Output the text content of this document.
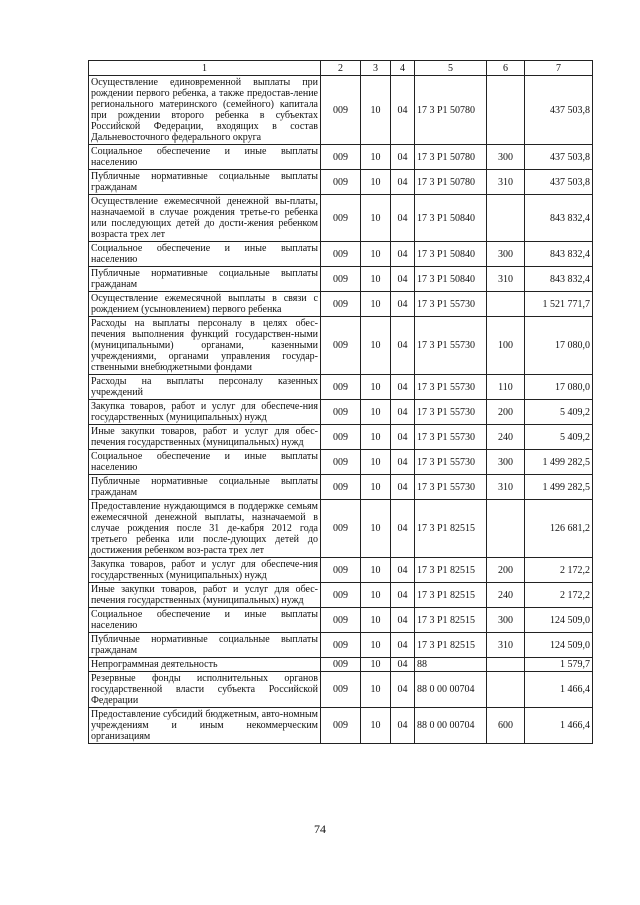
1	2	3	4	5	6	7
Осуществление единовременной выплаты при рождении первого ребенка, а также предостав-ление регионального материнского (семейного) капитала при рождении второго ребенка в субъектах Российской Федерации, входящих в состав Дальневосточного федерального округа	009	10	04	17 3 P1 50780		437 503,8
Социальное обеспечение и иные выплаты населению	009	10	04	17 3 P1 50780	300	437 503,8
Публичные нормативные социальные выплаты гражданам	009	10	04	17 3 P1 50780	310	437 503,8
Осуществление ежемесячной денежной вы-платы, назначаемой в случае рождения третье-го ребенка или последующих детей до дости-жения ребенком возраста трех лет	009	10	04	17 3 P1 50840		843 832,4
Социальное обеспечение и иные выплаты населению	009	10	04	17 3 P1 50840	300	843 832,4
Публичные нормативные социальные выплаты гражданам	009	10	04	17 3 P1 50840	310	843 832,4
Осуществление ежемесячной выплаты в связи с рождением (усыновлением) первого ребенка	009	10	04	17 3 P1 55730		1 521 771,7
Расходы на выплаты персоналу в целях обес-печения выполнения функций государствен-ными (муниципальными) органами, казенными учреждениями, органами управления государ-ственными внебюджетными фондами	009	10	04	17 3 P1 55730	100	17 080,0
Расходы на выплаты персоналу казенных учреждений	009	10	04	17 3 P1 55730	110	17 080,0
Закупка товаров, работ и услуг для обеспече-ния государственных (муниципальных) нужд	009	10	04	17 3 P1 55730	200	5 409,2
Иные закупки товаров, работ и услуг для обес-печения государственных (муниципальных) нужд	009	10	04	17 3 P1 55730	240	5 409,2
Социальное обеспечение и иные выплаты населению	009	10	04	17 3 P1 55730	300	1 499 282,5
Публичные нормативные социальные выплаты гражданам	009	10	04	17 3 P1 55730	310	1 499 282,5
Предоставление нуждающимся в поддержке семьям ежемесячной денежной выплаты, назначаемой в случае рождения после 31 де-кабря 2012 года третьего ребенка или после-дующих детей до достижения ребенком воз-раста трех лет	009	10	04	17 3 P1 82515		126 681,2
Закупка товаров, работ и услуг для обеспече-ния государственных (муниципальных) нужд	009	10	04	17 3 P1 82515	200	2 172,2
Иные закупки товаров, работ и услуг для обес-печения государственных (муниципальных) нужд	009	10	04	17 3 P1 82515	240	2 172,2
Социальное обеспечение и иные выплаты населению	009	10	04	17 3 P1 82515	300	124 509,0
Публичные нормативные социальные выплаты гражданам	009	10	04	17 3 P1 82515	310	124 509,0
Непрограммная деятельность	009	10	04	88		1 579,7
Резервные фонды исполнительных органов государственной власти субъекта Российской Федерации	009	10	04	88 0 00 00704		1 466,4
Предоставление субсидий бюджетным, авто-номным учреждениям и иным некоммерческим организациям	009	10	04	88 0 00 00704	600	1 466,4
74
